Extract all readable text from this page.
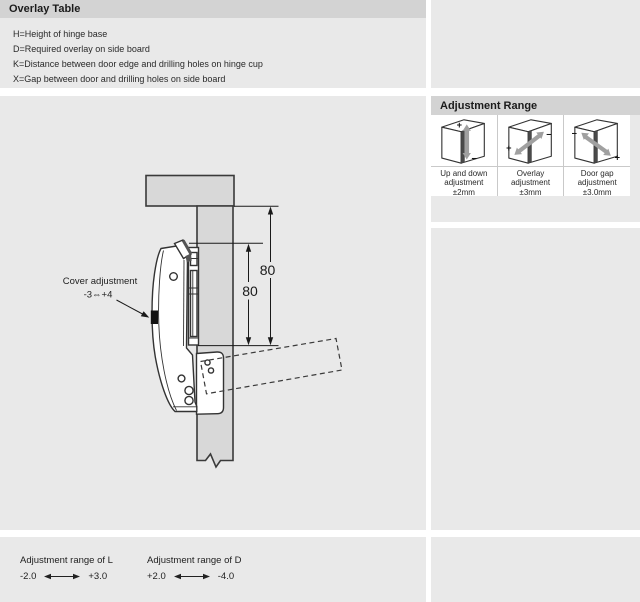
Overlay Table
H=Height of hinge base
D=Required overlay on side board
K=Distance between door edge and drilling holes on hinge cup
X=Gap between door and drilling holes on side board
80
80
Cover adjustment
-3⇔+4
Adjustment Range
+
−
Up and down
adjustment
±2mm
+
−
Overlay
adjustment
±3mm
−
+
Door gap
adjustment
±3.0mm
Adjustment range of L
-2.0	+3.0
Adjustment range of D
+2.0	-4.0
